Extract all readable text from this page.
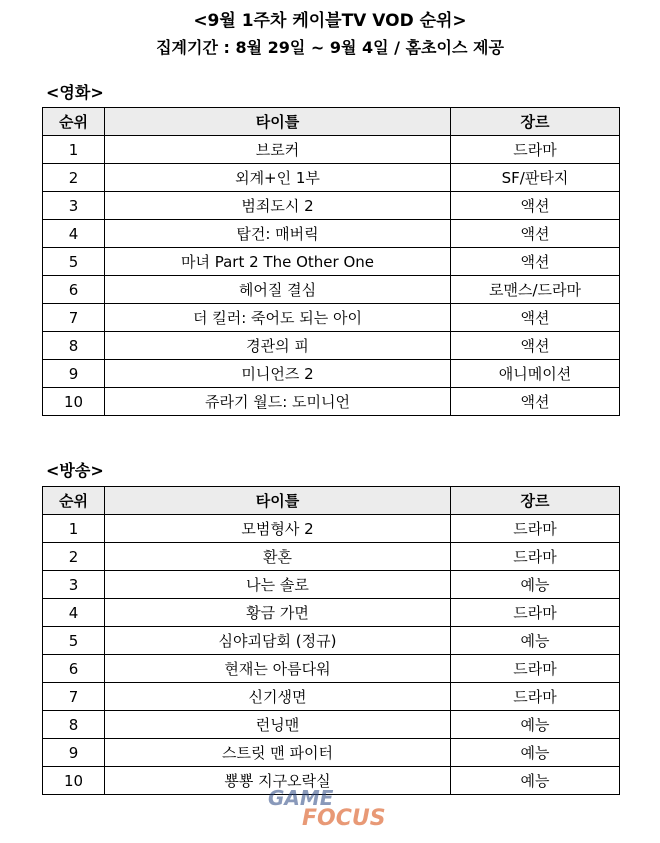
<9월 1주차 케이블TV VOD 순위>
집계기간 : 8월 29일 ~ 9월 4일 / 홈초이스 제공
<영화>
순위	타이틀	장르
1	브로커	드라마
2	외계+인 1부	SF/판타지
3	범죄도시 2	액션
4	탑건: 매버릭	액션
5	마녀 Part 2 The Other One	액션
6	헤어질 결심	로맨스/드라마
7	더 킬러: 죽어도 되는 아이	액션
8	경관의 피	액션
9	미니언즈 2	애니메이션
10	쥬라기 월드: 도미니언	액션
<방송>
순위	타이틀	장르
1	모범형사 2	드라마
2	환혼	드라마
3	나는 솔로	예능
4	황금 가면	드라마
5	심야괴담회 (정규)	예능
6	현재는 아름다워	드라마
7	신기생면	드라마
8	런닝맨	예능
9	스트릿 맨 파이터	예능
10	뿅뿅 지구오락실	예능
GAME
FOCUS
